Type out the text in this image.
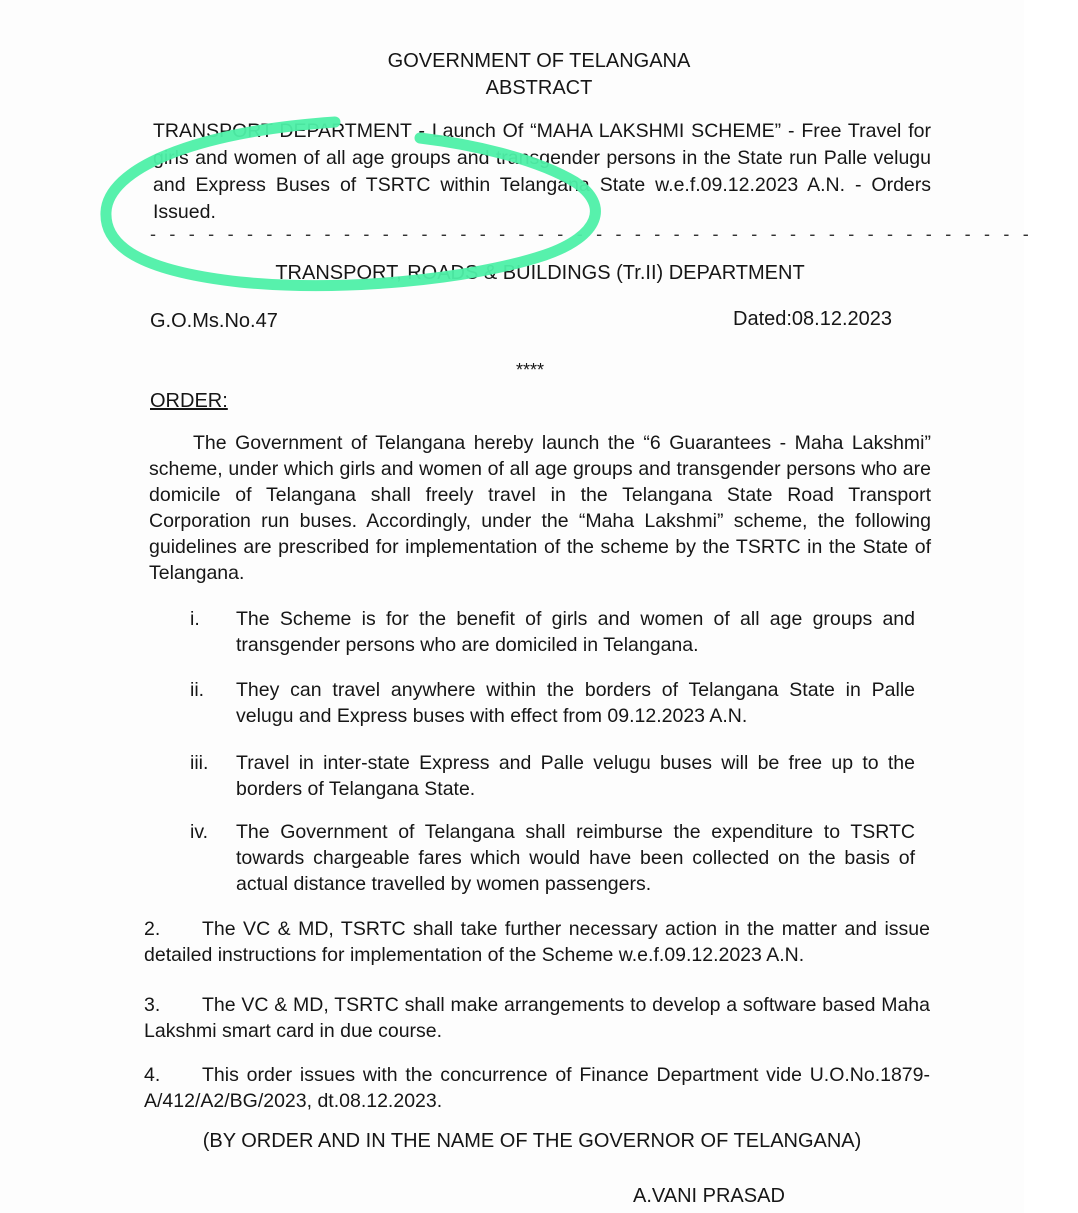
GOVERNMENT OF TELANGANA
ABSTRACT
TRANSPORT DEPARTMENT - Launch Of “MAHA LAKSHMI SCHEME” - Free Travel for girls and women of all age groups and transgender persons in the State run Palle velugu and Express Buses of TSRTC within Telangana State w.e.f.09.12.2023 A.N. - Orders Issued.
- - - - - - - - - - - - - - - - - - - - - - - - - - - - - - - - - - - - - - - - - - - - - -
TRANSPORT, ROADS & BUILDINGS (Tr.II) DEPARTMENT
G.O.Ms.No.47	Dated:08.12.2023
****
ORDER:
The Government of Telangana hereby launch the “6 Guarantees - Maha Lakshmi” scheme, under which girls and women of all age groups and transgender persons who are domicile of Telangana shall freely travel in the Telangana State Road Transport Corporation run buses. Accordingly, under the “Maha Lakshmi” scheme, the following guidelines are prescribed for implementation of the scheme by the TSRTC in the State of Telangana.
i.	The Scheme is for the benefit of girls and women of all age groups and transgender persons who are domiciled in Telangana.
ii.	They can travel anywhere within the borders of Telangana State in Palle velugu and Express buses with effect from 09.12.2023 A.N.
iii.	Travel in inter-state Express and Palle velugu buses will be free up to the borders of Telangana State.
iv.	The Government of Telangana shall reimburse the expenditure to TSRTC towards chargeable fares which would have been collected on the basis of actual distance travelled by women passengers.
2. The VC & MD, TSRTC shall take further necessary action in the matter and issue detailed instructions for implementation of the Scheme w.e.f.09.12.2023 A.N.
3. The VC & MD, TSRTC shall make arrangements to develop a software based Maha Lakshmi smart card in due course.
4. This order issues with the concurrence of Finance Department vide U.O.No.1879-A/412/A2/BG/2023, dt.08.12.2023.
(BY ORDER AND IN THE NAME OF THE GOVERNOR OF TELANGANA)
A.VANI PRASAD
